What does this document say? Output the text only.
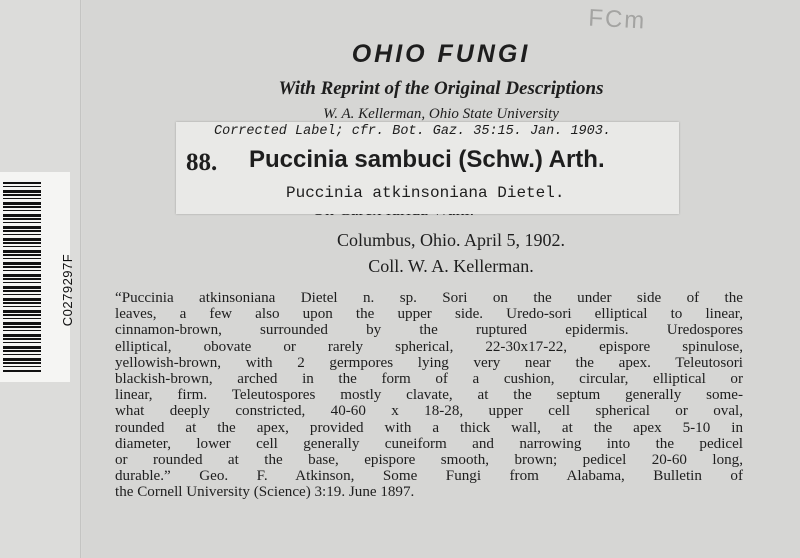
C0279297F
FCm
OHIO FUNGI
With Reprint of the Original Descriptions
W. A. Kellerman, Ohio State University
Corrected Label; cfr. Bot. Gaz. 35:15. Jan. 1903.
88. Puccinia sambuci (Schw.) Arth.
Puccinia atkinsoniana Dietel.
Columbus, Ohio. April 5, 1902.
Coll. W. A. Kellerman.
“Puccinia atkinsoniana Dietel n. sp. Sori on the under side of the
leaves, a few also upon the upper side. Uredo-sori elliptical to linear,
cinnamon-brown, surrounded by the ruptured epidermis. Uredospores
elliptical, obovate or rarely spherical, 22-30x17-22, epispore spinulose,
yellowish-brown, with 2 germpores lying very near the apex. Teleutosori
blackish-brown, arched in the form of a cushion, circular, elliptical or
linear, firm. Teleutospores mostly clavate, at the septum generally some-
what deeply constricted, 40-60 x 18-28, upper cell spherical or oval,
rounded at the apex, provided with a thick wall, at the apex 5-10 in
diameter, lower cell generally cuneiform and narrowing into the pedicel
or rounded at the base, epispore smooth, brown; pedicel 20-60 long,
durable.” Geo. F. Atkinson, Some Fungi from Alabama, Bulletin of
the Cornell University (Science) 3:19. June 1897.
